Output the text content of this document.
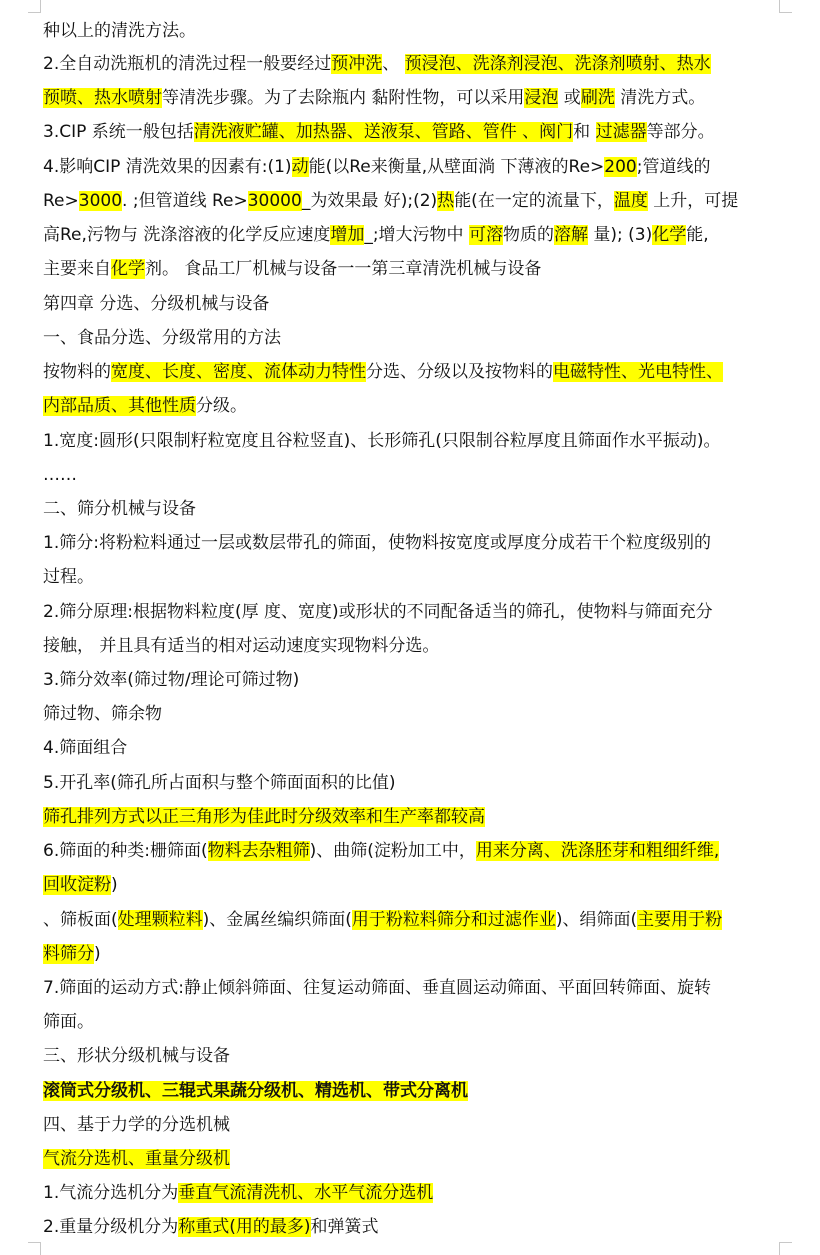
种以上的清洗方法。
2.全自动洗瓶机的清洗过程一般要经过预冲洗、 预浸泡、洗涤剂浸泡、洗涤剂喷射、热水
预喷、热水喷射等清洗步骤。为了去除瓶内 黏附性物，可以采用浸泡 或刷洗 清洗方式。
3.CIP 系统一般包括清洗液贮罐、加热器、送液泵、管路、管件 、阀门和 过滤器等部分。
4.影响CIP 清洗效果的因素有:(1)动能(以Re来衡量,从壁面淌 下薄液的Re>200;管道线的
Re>3000. ;但管道线 Re>30000_为效果最 好);(2)热能(在一定的流量下，温度 上升，可提
高Re,污物与 洗涤溶液的化学反应速度增加_;增大污物中 可溶物质的溶解 量); (3)化学能,
主要来自化学剂。 食品工厂机械与设备一一第三章清洗机械与设备
第四章 分选、分级机械与设备
一、食品分选、分级常用的方法
按物料的宽度、长度、密度、流体动力特性分选、分级以及按物料的电磁特性、光电特性、
内部品质、其他性质分级。
1.宽度:圆形(只限制籽粒宽度且谷粒竖直)、长形筛孔(只限制谷粒厚度且筛面作水平振动)。
……
二、筛分机械与设备
1.筛分:将粉粒料通过一层或数层带孔的筛面，使物料按宽度或厚度分成若干个粒度级别的
过程。
2.筛分原理:根据物料粒度(厚 度、宽度)或形状的不同配备适当的筛孔，使物料与筛面充分
接触， 并且具有适当的相对运动速度实现物料分选。
3.筛分效率(筛过物/理论可筛过物)
筛过物、筛余物
4.筛面组合
5.开孔率(筛孔所占面积与整个筛面面积的比值)
筛孔排列方式以正三角形为佳此时分级效率和生产率都较高
6.筛面的种类:栅筛面(物料去杂粗筛)、曲筛(淀粉加工中，用来分离、洗涤胚芽和粗细纤维,
回收淀粉)
、筛板面(处理颗粒料)、金属丝编织筛面(用于粉粒料筛分和过滤作业)、绢筛面(主要用于粉
料筛分)
7.筛面的运动方式:静止倾斜筛面、往复运动筛面、垂直圆运动筛面、平面回转筛面、旋转
筛面。
三、形状分级机械与设备
滚筒式分级机、三辊式果蔬分级机、精选机、带式分离机
四、基于力学的分选机械
气流分选机、重量分级机
1.气流分选机分为垂直气流清洗机、水平气流分选机
2.重量分级机分为称重式(用的最多)和弹簧式
